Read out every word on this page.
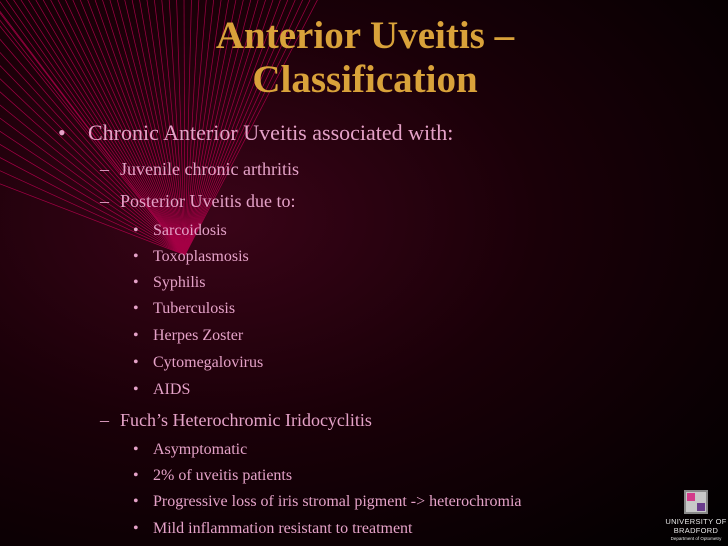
Anterior Uveitis – Classification
• Chronic Anterior Uveitis associated with:
– Juvenile chronic arthritis
– Posterior Uveitis due to:
• Sarcoidosis
• Toxoplasmosis
• Syphilis
• Tuberculosis
• Herpes Zoster
• Cytomegalovirus
• AIDS
– Fuch’s Heterochromic Iridocyclitis
• Asymptomatic
• 2% of uveitis patients
• Progressive loss of iris stromal pigment -> heterochromia
• Mild inflammation resistant to treatment	UNIVERSITY OF
BRADFORD
Department of Optometry
